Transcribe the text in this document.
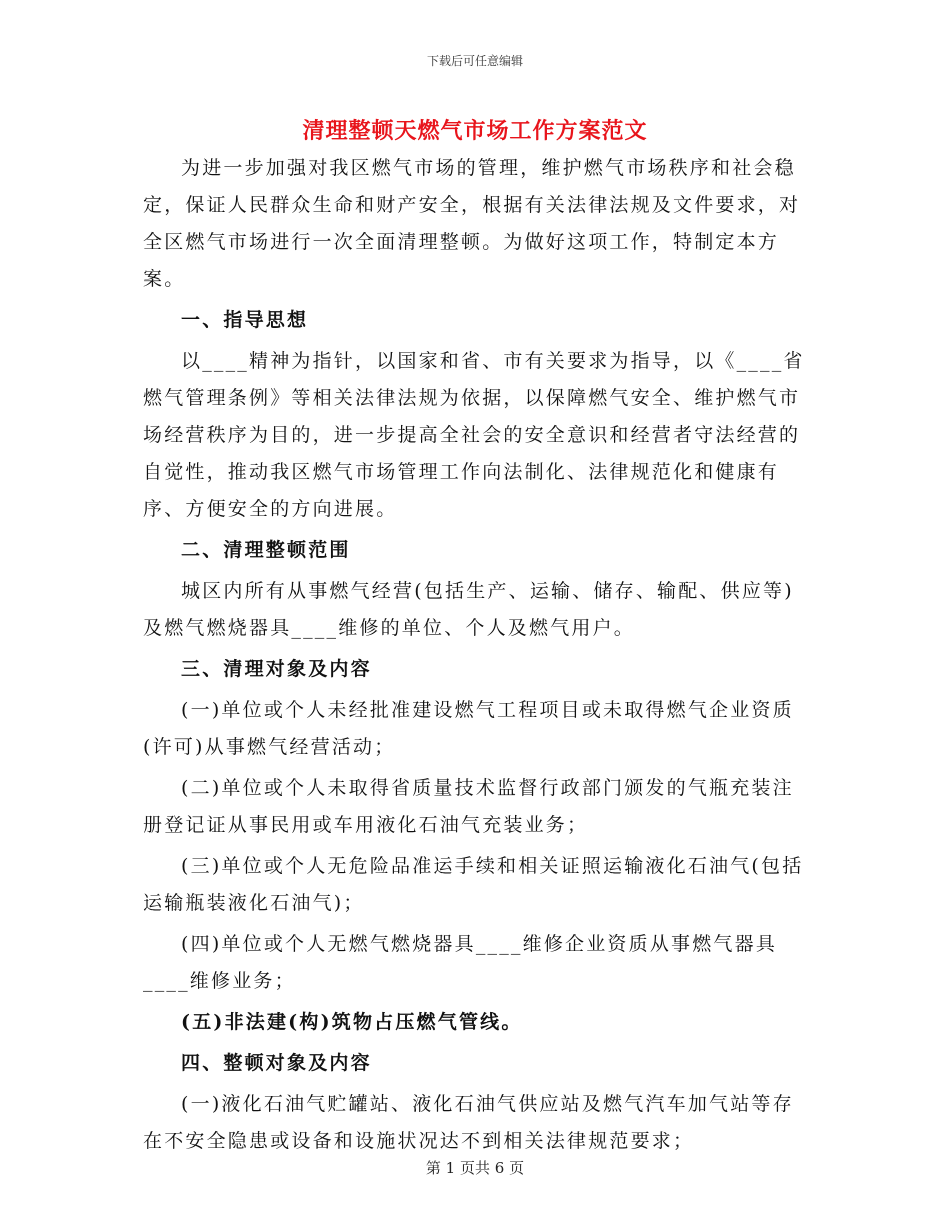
下载后可任意编辑
清理整顿天燃气市场工作方案范文

为进一步加强对我区燃气市场的管理，维护燃气市场秩序和社会稳定，保证人民群众生命和财产安全，根据有关法律法规及文件要求，对全区燃气市场进行一次全面清理整顿。为做好这项工作，特制定本方案。

一、指导思想

以____精神为指针，以国家和省、市有关要求为指导，以《____省燃气管理条例》等相关法律法规为依据，以保障燃气安全、维护燃气市场经营秩序为目的，进一步提高全社会的安全意识和经营者守法经营的自觉性，推动我区燃气市场管理工作向法制化、法律规范化和健康有序、方便安全的方向进展。

二、清理整顿范围

城区内所有从事燃气经营(包括生产、运输、储存、输配、供应等)及燃气燃烧器具____维修的单位、个人及燃气用户。

三、清理对象及内容

(一)单位或个人未经批准建设燃气工程项目或未取得燃气企业资质(许可)从事燃气经营活动；

(二)单位或个人未取得省质量技术监督行政部门颁发的气瓶充装注册登记证从事民用或车用液化石油气充装业务；

(三)单位或个人无危险品准运手续和相关证照运输液化石油气(包括运输瓶装液化石油气)；

(四)单位或个人无燃气燃烧器具____维修企业资质从事燃气器具____维修业务；

(五)非法建(构)筑物占压燃气管线。

四、整顿对象及内容

(一)液化石油气贮罐站、液化石油气供应站及燃气汽车加气站等存在不安全隐患或设备和设施状况达不到相关法律规范要求；

第 1 页共 6 页
